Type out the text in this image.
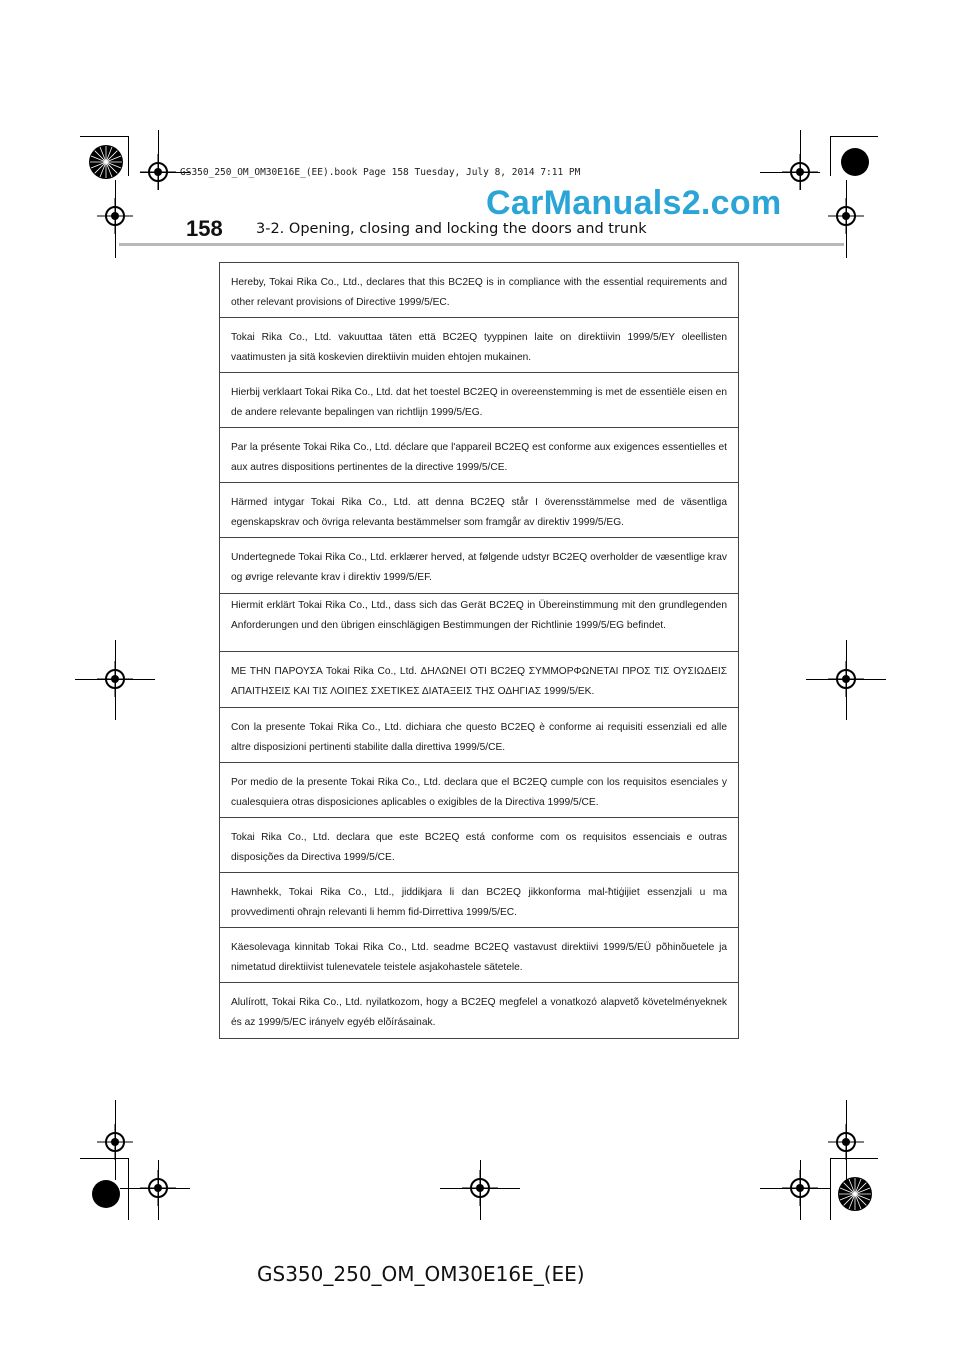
GS350_250_OM_OM30E16E_(EE).book Page 158 Tuesday, July 8, 2014 7:11 PM
CarManuals2.com
158 3-2. Opening, closing and locking the doors and trunk
Hereby, Tokai Rika Co., Ltd., declares that this BC2EQ is in compliance with the essential requirements and other relevant provisions of Directive 1999/5/EC.
Tokai Rika Co., Ltd. vakuuttaa täten että BC2EQ tyyppinen laite on direktiivin 1999/5/EY oleellisten vaatimusten ja sitä koskevien direktiivin muiden ehtojen mukainen.
Hierbij verklaart Tokai Rika Co., Ltd. dat het toestel BC2EQ in overeenstemming is met de essentiële eisen en de andere relevante bepalingen van richtlijn 1999/5/EG.
Par la présente Tokai Rika Co., Ltd. déclare que l'appareil BC2EQ est conforme aux exigences essentielles et aux autres dispositions pertinentes de la directive 1999/5/CE.
Härmed intygar Tokai Rika Co., Ltd. att denna BC2EQ står I överensstämmelse med de väsentliga egenskapskrav och övriga relevanta bestämmelser som framgår av direktiv 1999/5/EG.
Undertegnede Tokai Rika Co., Ltd. erklærer herved, at følgende udstyr BC2EQ overholder de væsentlige krav og øvrige relevante krav i direktiv 1999/5/EF.
Hiermit erklärt Tokai Rika Co., Ltd., dass sich das Gerät BC2EQ in Übereinstimmung mit den grundlegenden Anforderungen und den übrigen einschlägigen Bestimmungen der Richtlinie 1999/5/EG befindet.
ΜΕ ΤΗΝ ΠΑΡΟΥΣΑ Tokai Rika Co., Ltd. ΔΗΛΩΝΕΙ ΟΤΙ BC2EQ ΣΥΜΜΟΡΦΩΝΕΤΑΙ ΠΡΟΣ ΤΙΣ ΟΥΣΙΩΔΕΙΣ ΑΠΑΙΤΗΣΕΙΣ ΚΑΙ ΤΙΣ ΛΟΙΠΕΣ ΣΧΕΤΙΚΕΣ ΔΙΑΤΑΞΕΙΣ ΤΗΣ ΟΔΗΓΙΑΣ 1999/5/ΕΚ.
Con la presente Tokai Rika Co., Ltd. dichiara che questo BC2EQ è conforme ai requisiti essenziali ed alle altre disposizioni pertinenti stabilite dalla direttiva 1999/5/CE.
Por medio de la presente Tokai Rika Co., Ltd. declara que el BC2EQ cumple con los requisitos esenciales y cualesquiera otras disposiciones aplicables o exigibles de la Directiva 1999/5/CE.
Tokai Rika Co., Ltd. declara que este BC2EQ está conforme com os requisitos essenciais e outras disposições da Directiva 1999/5/CE.
Hawnhekk, Tokai Rika Co., Ltd., jiddikjara li dan BC2EQ jikkonforma mal-ħtiġijiet essenzjali u ma provvedimenti oħrajn relevanti li hemm fid-Dirrettiva 1999/5/EC.
Käesolevaga kinnitab Tokai Rika Co., Ltd. seadme BC2EQ vastavust direktiivi 1999/5/EÜ põhinõuetele ja nimetatud direktiivist tulenevatele teistele asjakohastele sätetele.
Alulírott, Tokai Rika Co., Ltd. nyilatkozom, hogy a BC2EQ megfelel a vonatkozó alapvetõ követelményeknek és az 1999/5/EC irányelv egyéb elõírásainak.
GS350_250_OM_OM30E16E_(EE)
